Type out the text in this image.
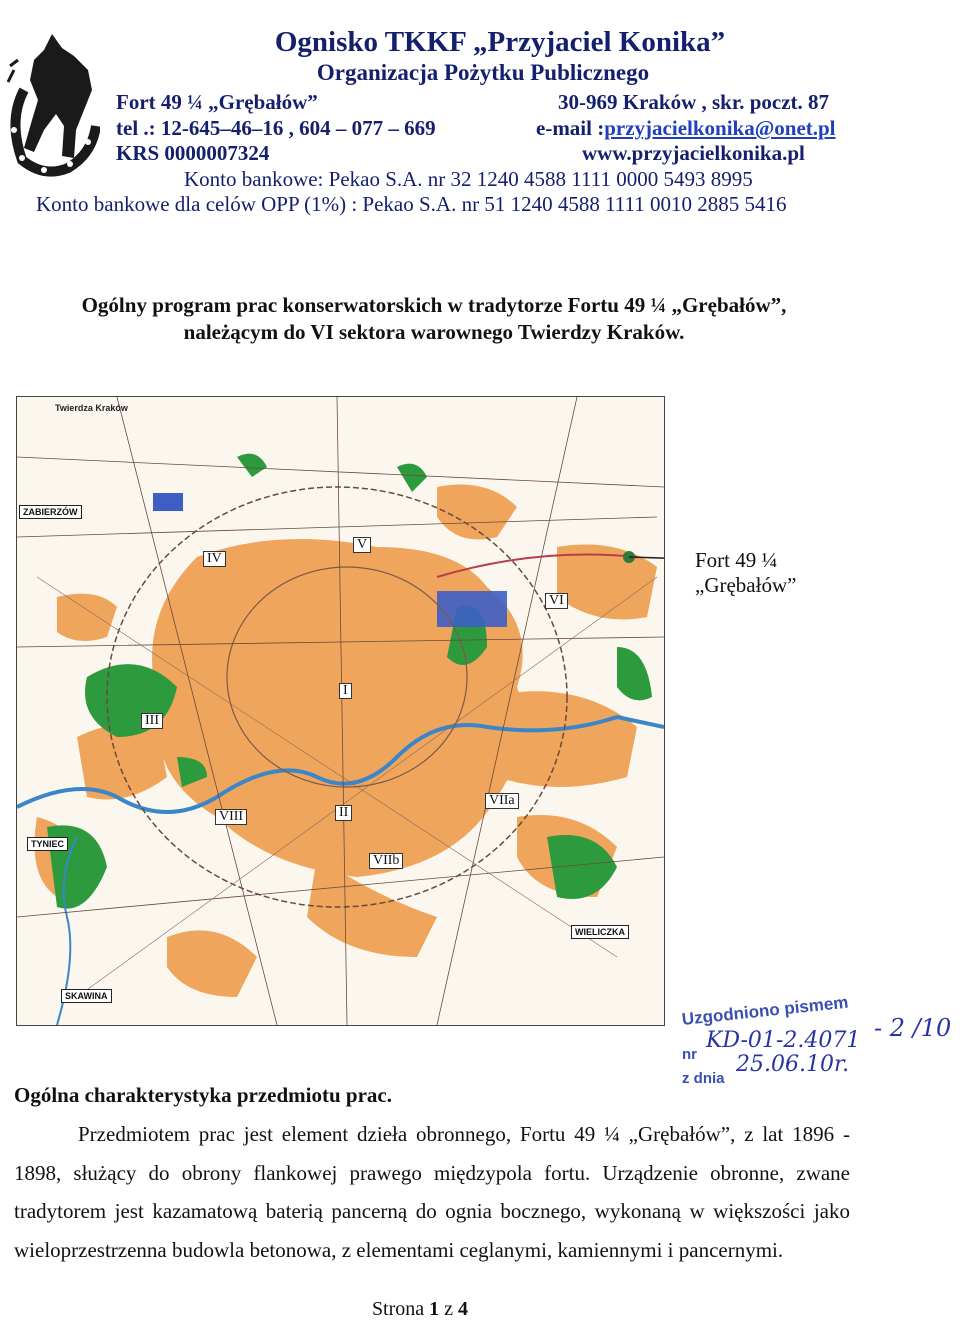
Ognisko TKKF „Przyjaciel Konika”
Organizacja Pożytku Publicznego
Fort 49 ¼ „Grębałów”	30-969 Kraków , skr. poczt. 87
tel .: 12-645–46–16 , 604 – 077 – 669	e-mail :przyjacielkonika@onet.pl
KRS 0000007324	www.przyjacielkonika.pl
Konto bankowe: Pekao S.A. nr 32 1240 4588 1111 0000 5493 8995
Konto bankowe dla celów OPP (1%) : Pekao S.A. nr 51 1240 4588 1111 0010 2885 5416
Ogólny program prac konserwatorskich w tradytorze Fortu 49 ¼ „Grębałów”,
należącym do VI sektora warownego Twierdzy Kraków.
Twierdza Kraków
ZABIERZÓW
TYNIEC
SKAWINA
WIELICZKA
I
II
III
IV
V
VI
VIIa
VIIb
VIII
Fort 49 ¼
„Grębałów”
Uzgodniono pismem
nr
KD-01-2.4071 - 2 /10
z dnia
25.06.10r.
Ogólna charakterystyka przedmiotu prac.

Przedmiotem prac jest element dzieła obronnego, Fortu 49 ¼ „Grębałów”, z lat 1896 - 1898, służący do obrony flankowej prawego międzypola fortu. Urządzenie obronne, zwane tradytorem jest kazamatową baterią pancerną do ognia bocznego, wykonaną w większości jako wieloprzestrzenna budowla betonowa, z elementami ceglanymi, kamiennymi i pancernymi.

Strona 1 z 4
